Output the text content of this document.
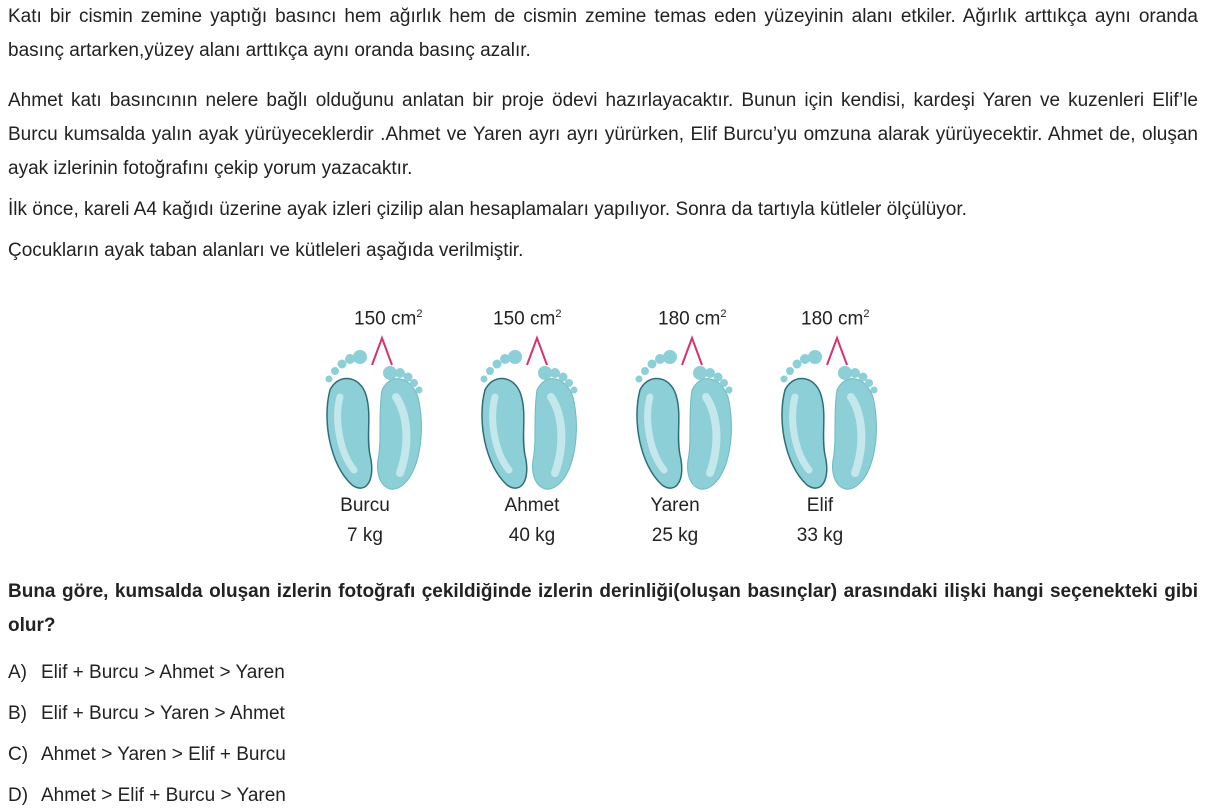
Katı bir cismin zemine yaptığı basıncı hem ağırlık hem de cismin zemine temas eden yüzeyinin alanı etkiler. Ağırlık arttıkça aynı oranda basınç artarken,yüzey alanı arttıkça aynı oranda basınç azalır.
Ahmet katı basıncının nelere bağlı olduğunu anlatan bir proje ödevi hazırlayacaktır. Bunun için kendisi, kardeşi Yaren ve kuzenleri Elif’le Burcu kumsalda yalın ayak yürüyeceklerdir .Ahmet ve Yaren ayrı ayrı yürürken, Elif Burcu’yu omzuna alarak yürüyecektir. Ahmet de, oluşan ayak izlerinin fotoğrafını çekip yorum yazacaktır.
İlk önce, kareli A4 kağıdı üzerine ayak izleri çizilip alan hesaplamaları yapılıyor. Sonra da tartıyla kütleler ölçülüyor.
Çocukların ayak taban alanları ve kütleleri aşağıda verilmiştir.
150 $cm^2$
Burcu
7 kg
150 $cm^2$
Ahmet
40 kg
180 $cm^2$
Yaren
25 kg
180 $cm^2$
Elif
33 kg
Buna göre, kumsalda oluşan izlerin fotoğrafı çekildiğinde izlerin derinliği(oluşan basınçlar) arasındaki ilişki hangi seçenekteki gibi olur?
A) Elif + Burcu > Ahmet > Yaren
B) Elif + Burcu > Yaren > Ahmet
C) Ahmet > Yaren > Elif + Burcu
D) Ahmet > Elif + Burcu > Yaren
